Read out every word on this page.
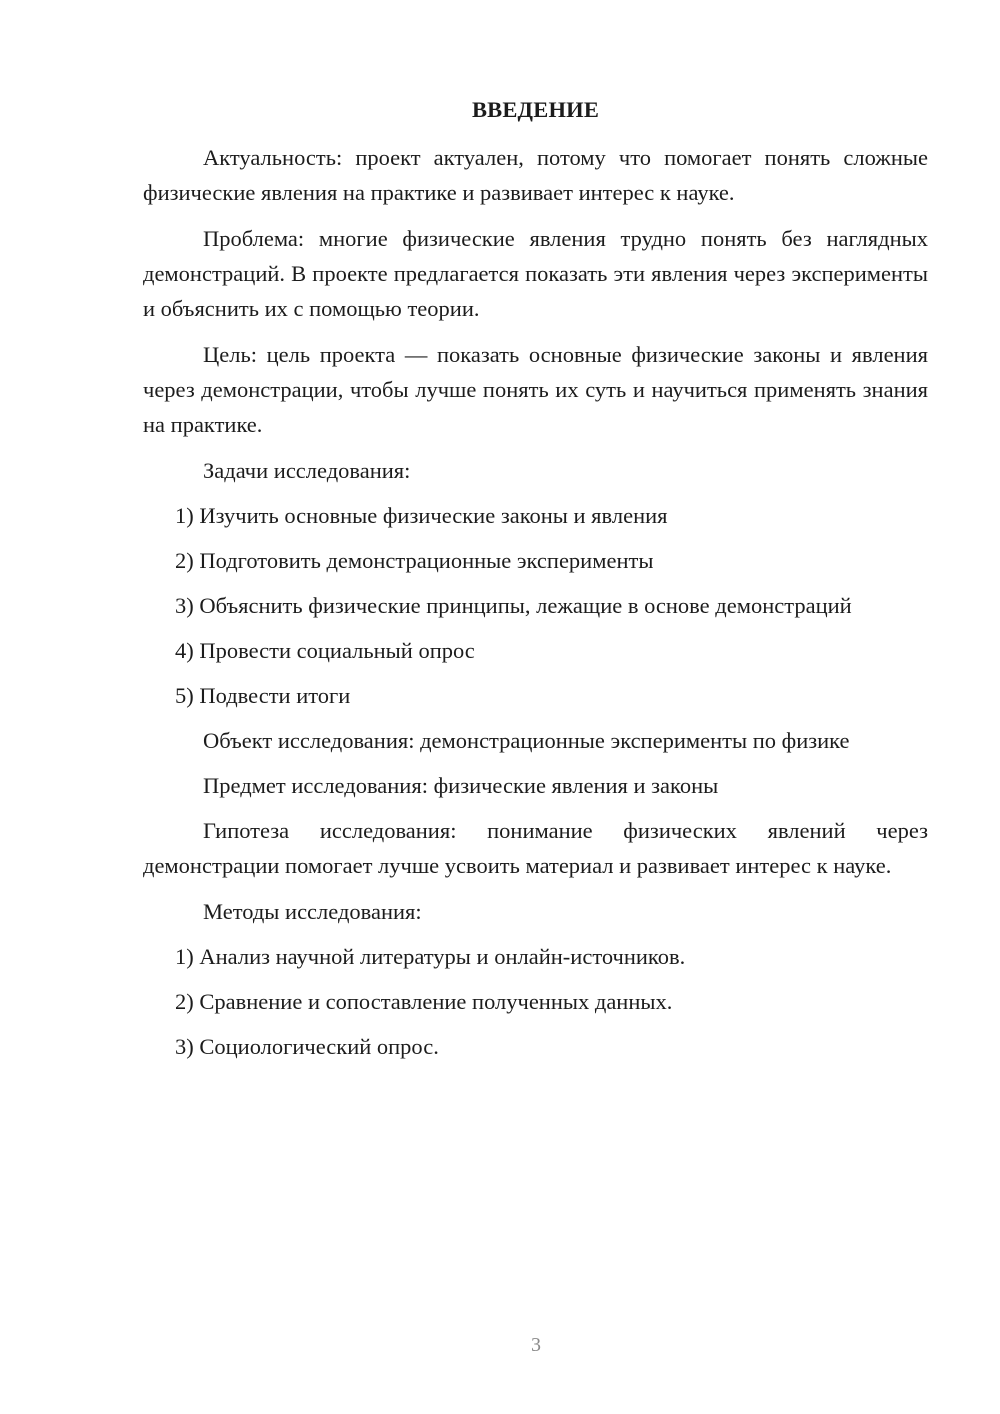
ВВЕДЕНИЕ
Актуальность: проект актуален, потому что помогает понять сложные физические явления на практике и развивает интерес к науке.
Проблема: многие физические явления трудно понять без наглядных демонстраций. В проекте предлагается показать эти явления через эксперименты и объяснить их с помощью теории.
Цель: цель проекта — показать основные физические законы и явления через демонстрации, чтобы лучше понять их суть и научиться применять знания на практике.
Задачи исследования:
1) Изучить основные физические законы и явления
2) Подготовить демонстрационные эксперименты
3) Объяснить физические принципы, лежащие в основе демонстраций
4) Провести социальный опрос
5) Подвести итоги
Объект исследования: демонстрационные эксперименты по физике
Предмет исследования: физические явления и законы
Гипотеза исследования: понимание физических явлений через демонстрации помогает лучше усвоить материал и развивает интерес к науке.
Методы исследования:
1) Анализ научной литературы и онлайн-источников.
2) Сравнение и сопоставление полученных данных.
3) Социологический опрос.
3
